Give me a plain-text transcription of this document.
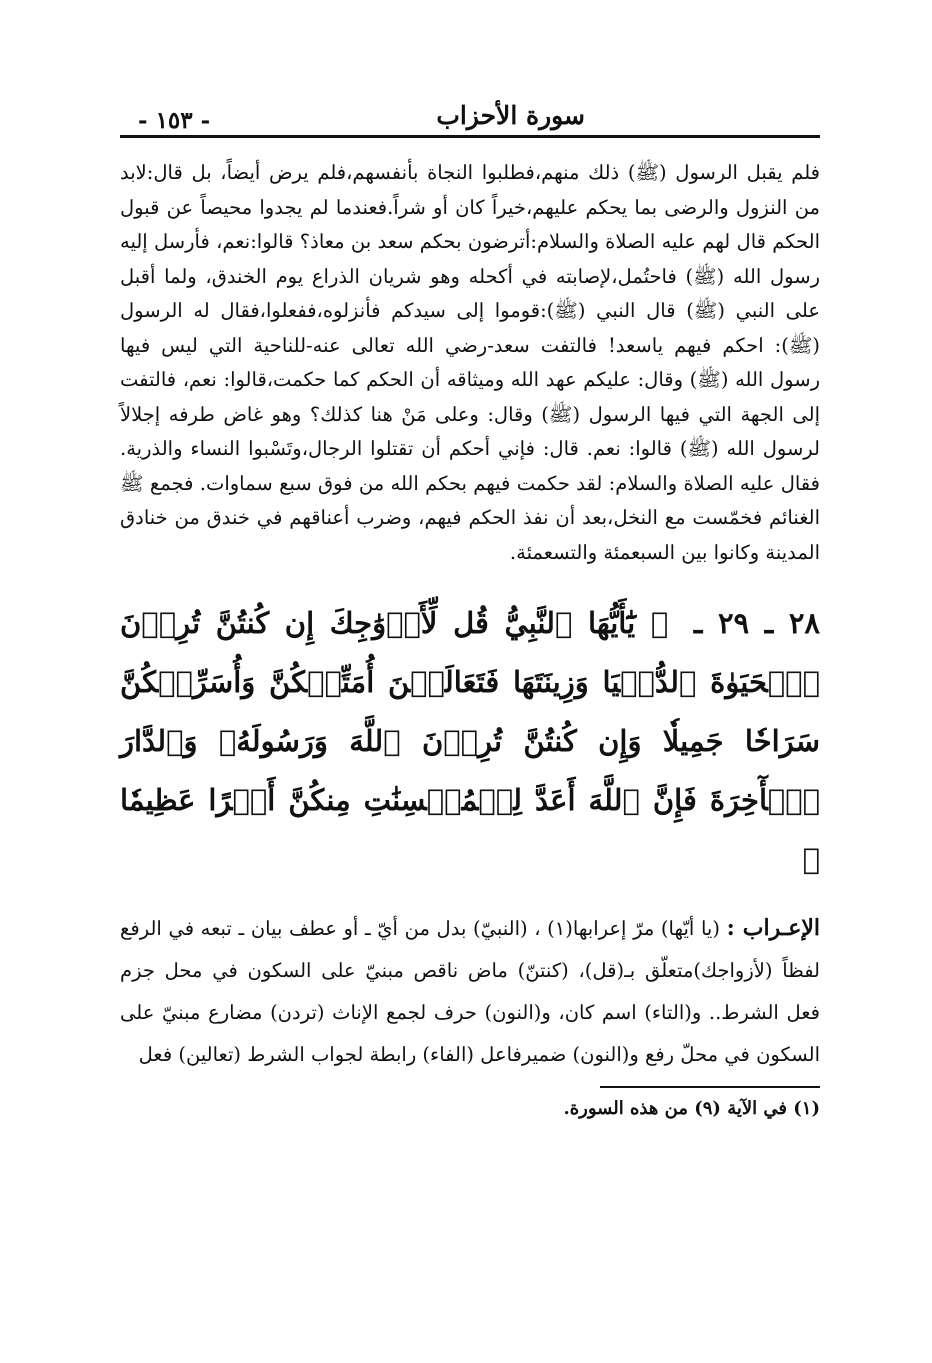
سورة الأحزاب
- ١٥٣ -

فلم يقبل الرسول (ﷺ) ذلك منهم،فطلبوا النجاة بأنفسهم،فلم يرض أيضاً، بل قال:لابد من النزول والرضى بما يحكم عليهم،خيراً كان أو شراً.فعندما لم يجدوا محيصاً عن قبول الحكم قال لهم عليه الصلاة والسلام:أترضون بحكم سعد بن معاذ؟ قالوا:نعم، فأرسل إليه رسول الله (ﷺ) فاحتُمل،لإصابته في أكحله وهو شريان الذراع يوم الخندق، ولما أقبل على النبي (ﷺ) قال النبي (ﷺ):قوموا إلى سيدكم فأنزلوه،ففعلوا،فقال له الرسول (ﷺ): احكم فيهم ياسعد! فالتفت سعد-رضي الله تعالى عنه-للناحية التي ليس فيها رسول الله (ﷺ) وقال: عليكم عهد الله وميثاقه أن الحكم كما حكمت،قالوا: نعم، فالتفت إلى الجهة التي فيها الرسول (ﷺ) وقال: وعلى مَنْ هنا كذلك؟ وهو غاض طرفه إجلالاً لرسول الله (ﷺ) قالوا: نعم. قال: فإني أحكم أن تقتلوا الرجال،وتَسْبوا النساء والذرية. فقال عليه الصلاة والسلام: لقد حكمت فيهم بحكم الله من فوق سبع سماوات. فجمع ﷺ الغنائم فخمّست مع النخل،بعد أن نفذ الحكم فيهم، وضرب أعناقهم في خندق من خنادق المدينة وكانوا بين السبعمئة والتسعمئة.

٢٨ ـ ٢٩ ـ ﴿ يَٰٓأَيُّهَا ٱلنَّبِيُّ قُل لِّأَزۡوَٰجِكَ إِن كُنتُنَّ تُرِدۡنَ ٱلۡحَيَوٰةَ ٱلدُّنۡيَا وَزِينَتَهَا فَتَعَالَيۡنَ أُمَتِّعۡكُنَّ وَأُسَرِّحۡكُنَّ سَرَاحٗا جَمِيلٗا وَإِن كُنتُنَّ تُرِدۡنَ ٱللَّهَ وَرَسُولَهُۥ وَٱلدَّارَ ٱلۡأٓخِرَةَ فَإِنَّ ٱللَّهَ أَعَدَّ لِلۡمُحۡسِنَٰتِ مِنكُنَّ أَجۡرًا عَظِيمٗا ﴾
الإعـراب : (يا أيّها) مرّ إعرابها(١) ، (النبيّ) بدل من أيّ ـ أو عطف بيان ـ تبعه في الرفع لفظاً (لأزواجك)متعلّق بـ(قل)، (كنتنّ) ماض ناقص مبنيّ على السكون في محل جزم فعل الشرط.. و(التاء) اسم كان، و(النون) حرف لجمع الإناث (تردن) مضارع مبنيّ على السكون في محلّ رفع و(النون) ضميرفاعل (الفاء) رابطة لجواب الشرط (تعالين) فعل
(١) في الآية (٩) من هذه السورة.
